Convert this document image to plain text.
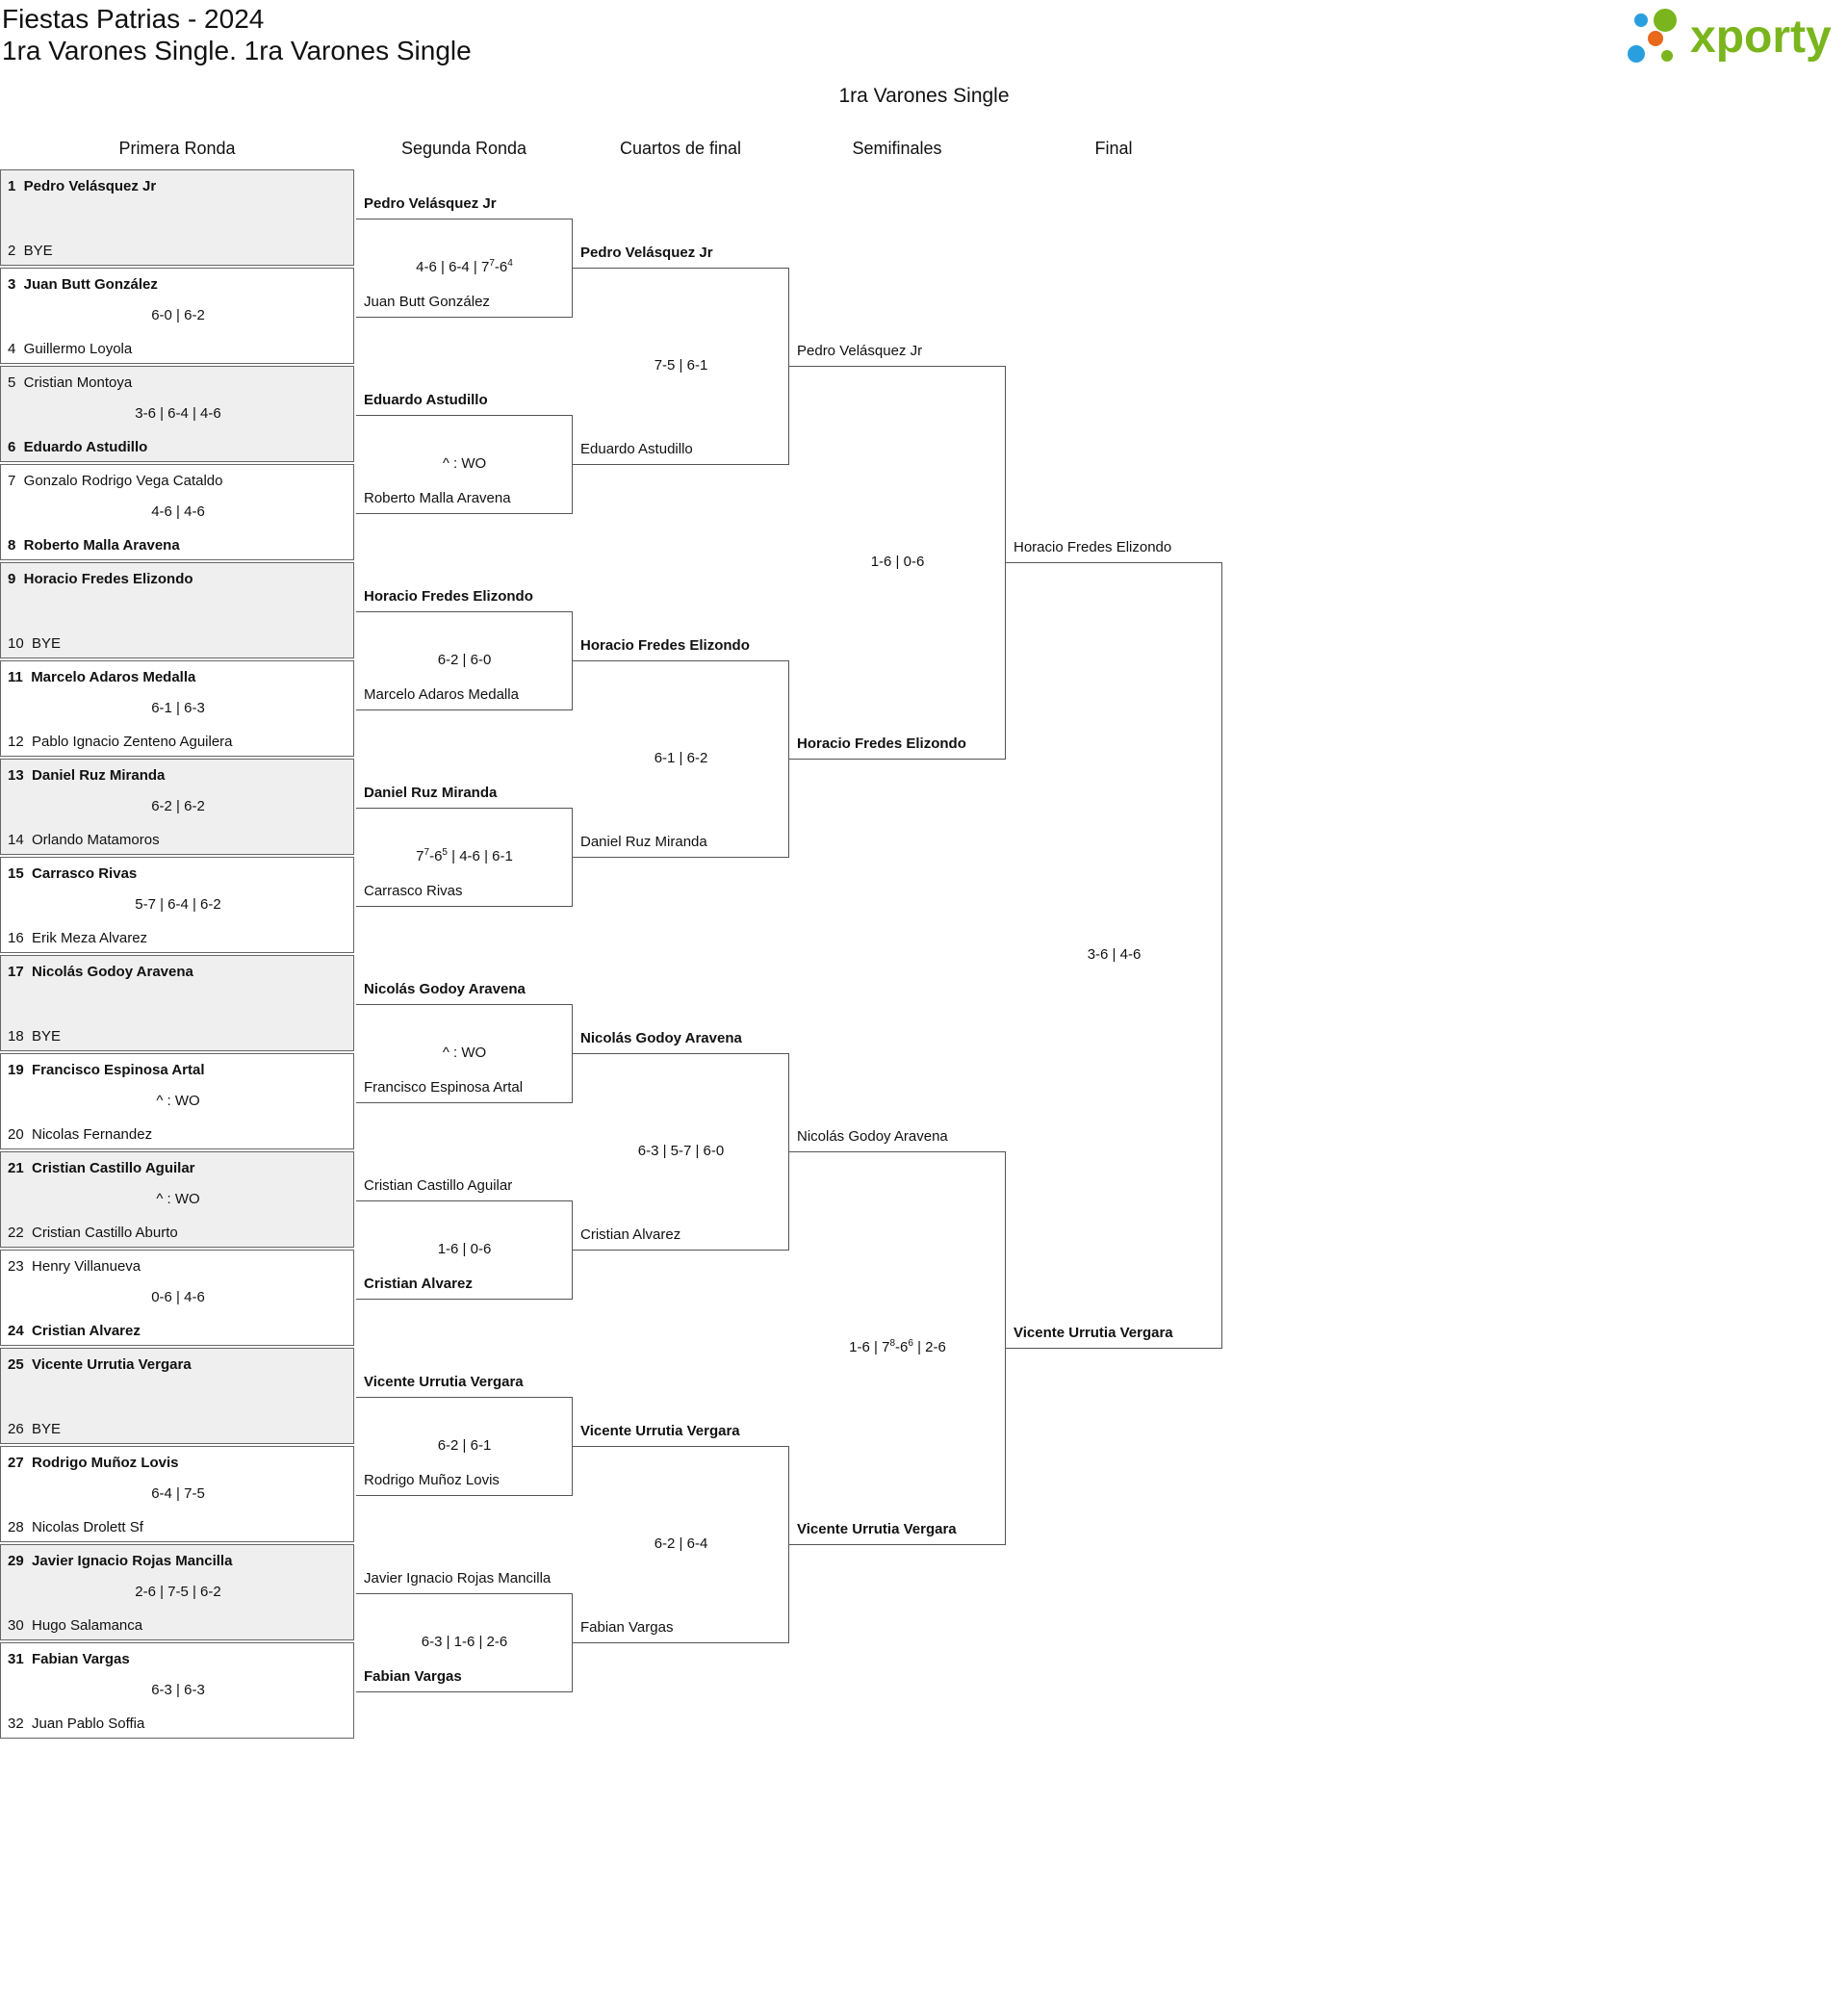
Fiestas Patrias - 2024
1ra Varones Single. 1ra Varones Single
1ra Varones Single
xporty
Primera Ronda	Segunda Ronda	Cuartos de final	Semifinales	Final
1  Pedro Velásquez Jr
2  BYE
3  Juan Butt González
4  Guillermo Loyola
6-0 | 6-2
5  Cristian Montoya
6  Eduardo Astudillo
3-6 | 6-4 | 4-6
7  Gonzalo Rodrigo Vega Cataldo
8  Roberto Malla Aravena
4-6 | 4-6
9  Horacio Fredes Elizondo
10  BYE
11  Marcelo Adaros Medalla
12  Pablo Ignacio Zenteno Aguilera
6-1 | 6-3
13  Daniel Ruz Miranda
14  Orlando Matamoros
6-2 | 6-2
15  Carrasco Rivas
16  Erik Meza Alvarez
5-7 | 6-4 | 6-2
17  Nicolás Godoy Aravena
18  BYE
19  Francisco Espinosa Artal
20  Nicolas Fernandez
^ : WO
21  Cristian Castillo Aguilar
22  Cristian Castillo Aburto
^ : WO
23  Henry Villanueva
24  Cristian Alvarez
0-6 | 4-6
25  Vicente Urrutia Vergara
26  BYE
27  Rodrigo Muñoz Lovis
28  Nicolas Drolett Sf
6-4 | 7-5
29  Javier Ignacio Rojas Mancilla
30  Hugo Salamanca
2-6 | 7-5 | 6-2
31  Fabian Vargas
32  Juan Pablo Soffia
6-3 | 6-3
Pedro Velásquez Jr
Juan Butt González
4-6 | 6-4 | $7^7-6^4$
Eduardo Astudillo
Roberto Malla Aravena
^ : WO
Horacio Fredes Elizondo
Marcelo Adaros Medalla
6-2 | 6-0
Daniel Ruz Miranda
Carrasco Rivas
$7^7-6^5$ | 4-6 | 6-1
Nicolás Godoy Aravena
Francisco Espinosa Artal
^ : WO
Cristian Castillo Aguilar
Cristian Alvarez
1-6 | 0-6
Vicente Urrutia Vergara
Rodrigo Muñoz Lovis
6-2 | 6-1
Javier Ignacio Rojas Mancilla
Fabian Vargas
6-3 | 1-6 | 2-6
Pedro Velásquez Jr
Eduardo Astudillo
7-5 | 6-1
Horacio Fredes Elizondo
Daniel Ruz Miranda
6-1 | 6-2
Nicolás Godoy Aravena
Cristian Alvarez
6-3 | 5-7 | 6-0
Vicente Urrutia Vergara
Fabian Vargas
6-2 | 6-4
Pedro Velásquez Jr
Horacio Fredes Elizondo
1-6 | 0-6
Nicolás Godoy Aravena
Vicente Urrutia Vergara
1-6 | $7^8-6^6$ | 2-6
Horacio Fredes Elizondo
Vicente Urrutia Vergara
3-6 | 4-6
